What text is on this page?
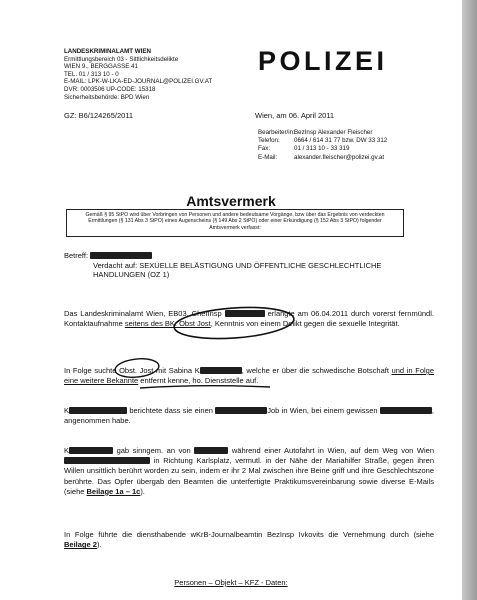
LANDESKRIMINALAMT WIEN
Ermittlungsbereich 03 - Sittlichkeitsdelikte
WIEN 9., BERGGASSE 41
TEL. 01 / 313 10 - 0
E-MAIL: LPK-W-LKA-ED-JOURNAL@POLIZEI.GV.AT
DVR: 0003506 UP-CODE: 15318
Sicherheitsbehörde: BPD Wien
POLIZEI
GZ: B6/124265/2011	Wien, am 06. April 2011
Bearbeiter/in:BezInsp Alexander Fleischer
Telefon: 0664 / 614 31 77 bzw. DW 33 312
Fax:	01 / 313 10 - 33 319
E-Mail:	alexander.fleischer@polizei.gv.at
Amtsvermerk
Gemäß § 95 StPO wird über Vorbringen von Personen und andere bedeutsame Vorgänge, bzw über das Ergebnis von verdeckten
Ermittlungen (§ 131 Abs 3 StPO) eines Augenscheins (§ 149 Abs 2 StPO) oder einer Erkundigung (§ 152 Abs 3 StPO) folgender
Amtsvermerk verfasst:
Betreff:
Verdacht auf: SEXUELLE BELÄSTIGUNG UND ÖFFENTLICHE GESCHLECHTLICHE
HANDLUNGEN (OZ 1)
Das Landeskriminalamt Wien, EB03, ChefInsp	erlangte am 06.04.2011 durch vorerst fernmündl. Kontaktaufnahme seitens des BK. Obst Jost, Kenntnis von einem Delikt gegen die sexuelle Integrität.
In Folge suchte Obst. Jost mit Sabina K	, welche er über die schwedische Botschaft und in Folge eine weitere Bekannte entfernt kenne, ho. Dienststelle auf.
K	berichtete dass sie einen	Job in Wien, bei einem gewissen	, angenommen habe.
K	gab sinngem. an von	während einer Autofahrt in Wien, auf dem Weg von Wien  in Richtung Karlsplatz, vermutl. in der Nähe der Mariahilfer Straße, gegen ihren Willen unsittlich berührt worden zu sein, indem er ihr 2 Mal zwischen ihre Beine griff und ihre Geschlechtszone berührte. Das Opfer übergab den Beamten die unterfertigte Praktikumsvereinbarung sowie diverse E-Mails (siehe Beilage 1a – 1c).
In Folge führte die diensthabende wKrB-Journalbeamtin BezInsp Ivkovits die Vernehmung durch (siehe Beilage 2).
Personen – Objekt – KFZ - Daten:
